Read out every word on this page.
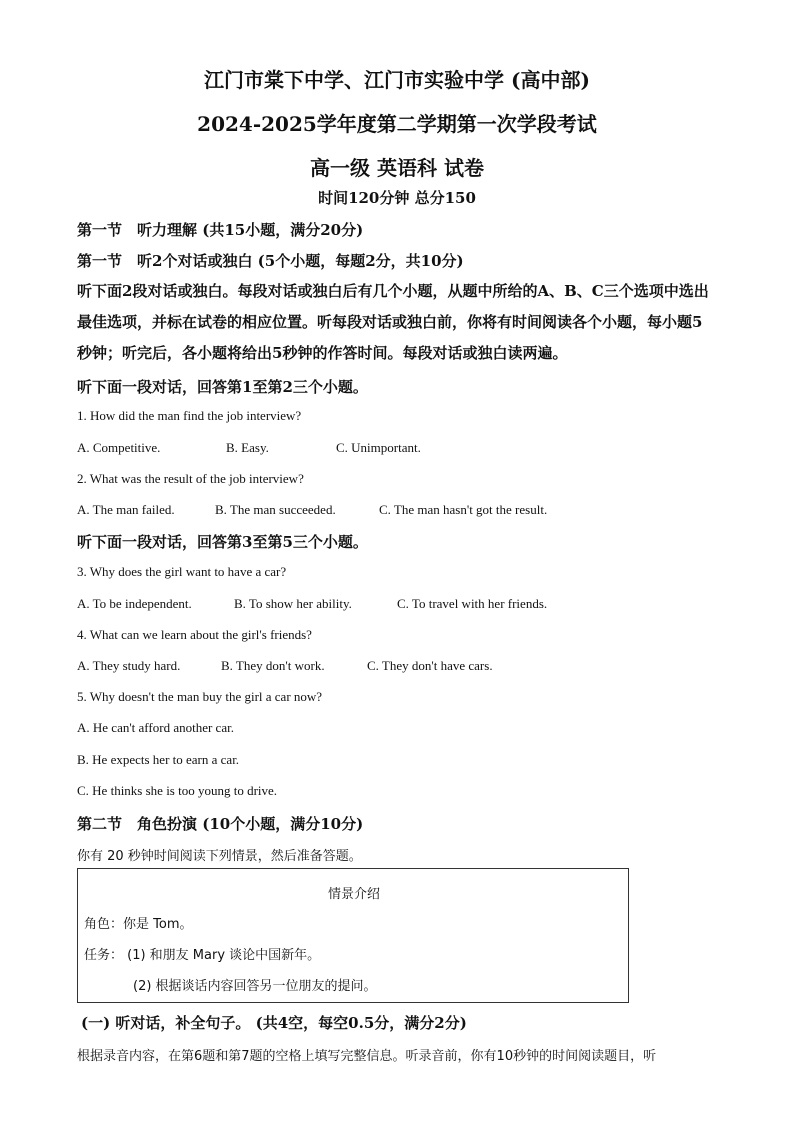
江门市棠下中学、江门市实验中学 (高中部)
2024-2025学年度第二学期第一次学段考试
高一级 英语科 试卷
时间120分钟 总分150
第一节　听力理解 (共15小题，满分20分)
第一节　听2个对话或独白 (5个小题，每题2分，共10分)
听下面2段对话或独白。每段对话或独白后有几个小题，从题中所给的A、B、C三个选项中选出最佳选项，并标在试卷的相应位置。听每段对话或独白前，你将有时间阅读各个小题，每小题5秒钟；听完后，各小题将给出5秒钟的作答时间。每段对话或独白读两遍。
听下面一段对话，回答第1至第2三个小题。
1. How did the man find the job interview?
A. Competitive.	B. Easy.	C. Unimportant.
2. What was the result of the job interview?
A. The man failed.	B. The man succeeded.	C. The man hasn't got the result.
听下面一段对话，回答第3至第5三个小题。
3. Why does the girl want to have a car?
A. To be independent.	B. To show her ability.	C. To travel with her friends.
4. What can we learn about the girl's friends?
A. They study hard.	B. They don't work.	C. They don't have cars.
5. Why doesn't the man buy the girl a car now?
A. He can't afford another car.
B. He expects her to earn a car.
C. He thinks she is too young to drive.
第二节　角色扮演 (10个小题，满分10分)
你有 20 秒钟时间阅读下列情景，然后准备答题。
情景介绍
角色：你是 Tom。
任务： (1) 和朋友 Mary 谈论中国新年。
(2) 根据谈话内容回答另一位朋友的提问。
(一) 听对话，补全句子。 (共4空，每空0.5分，满分2分)
根据录音内容，在第6题和第7题的空格上填写完整信息。听录音前，你有10秒钟的时间阅读题目，听
